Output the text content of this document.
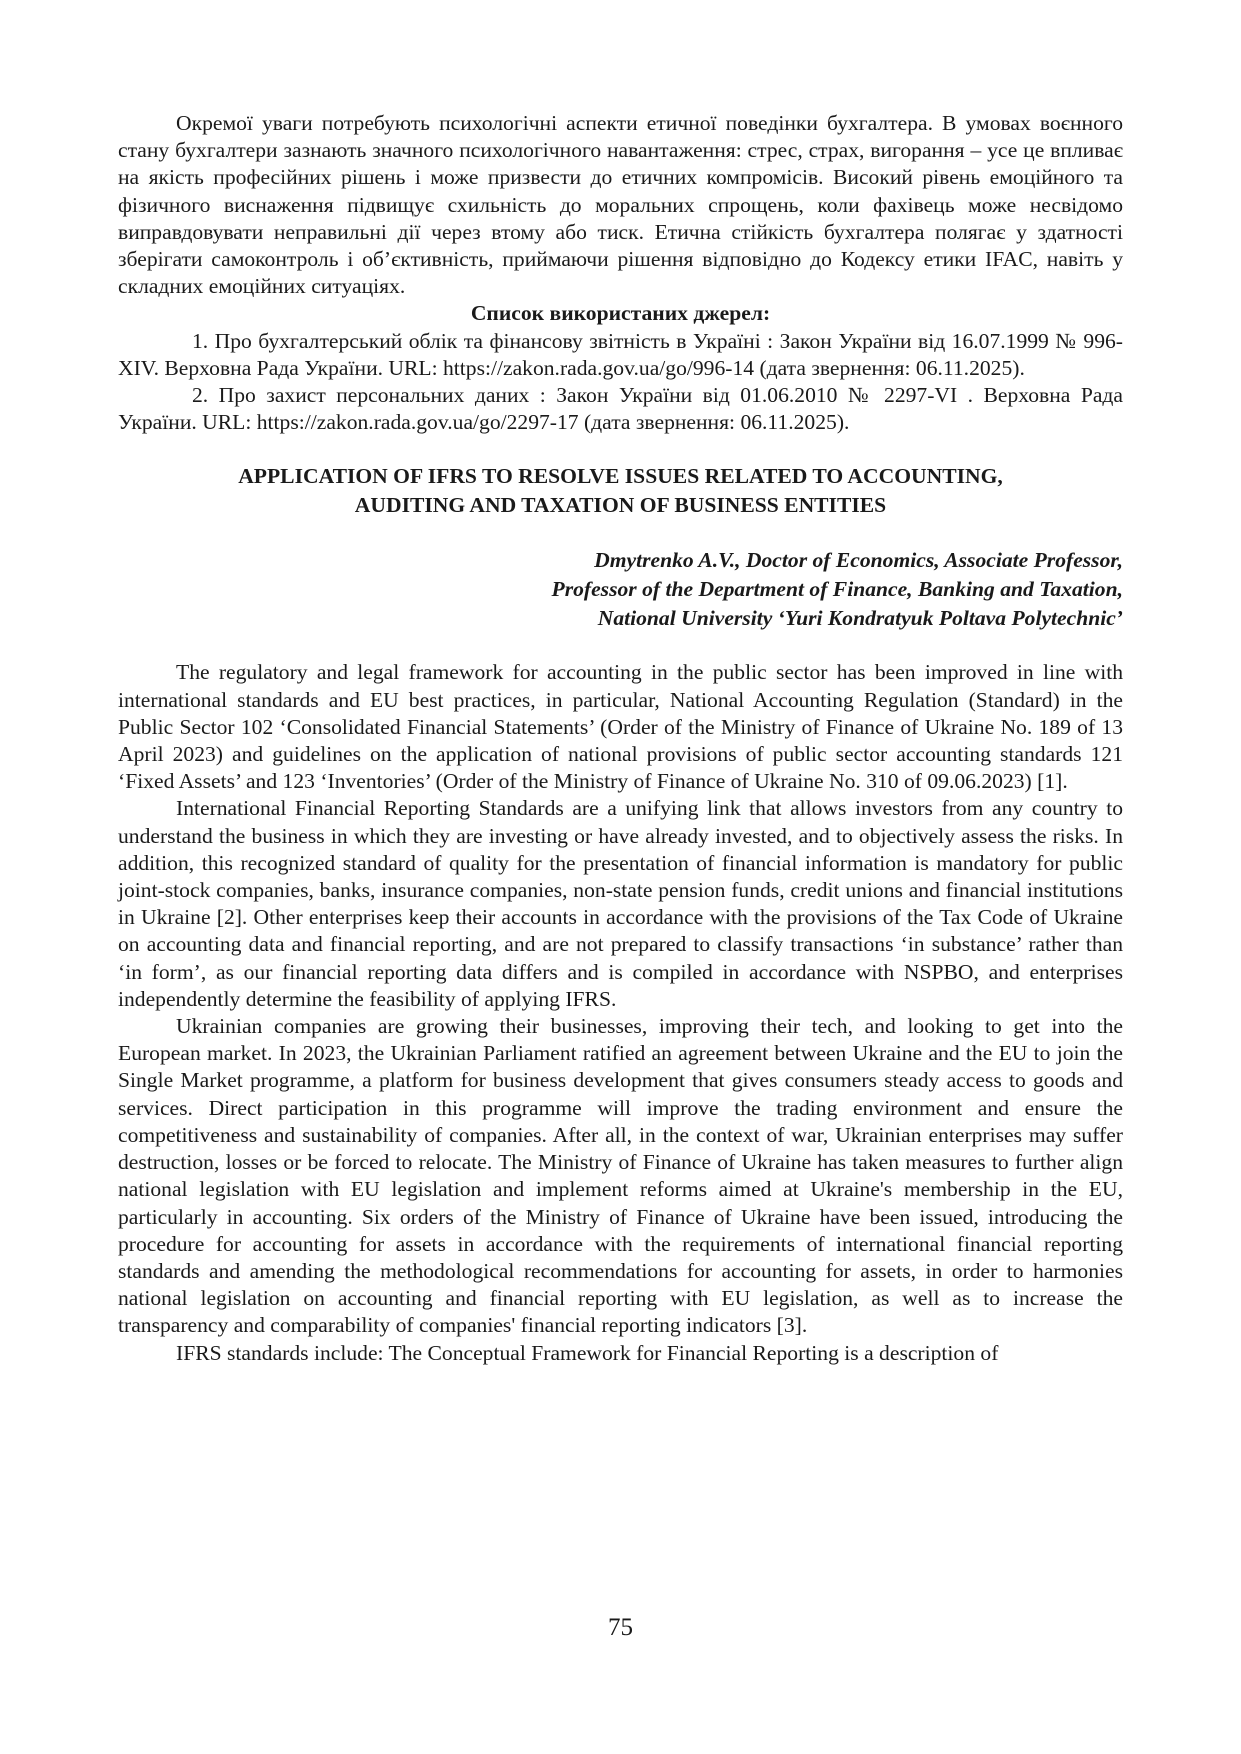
Окремої уваги потребують психологічні аспекти етичної поведінки бухгалтера. В умовах воєнного стану бухгалтери зазнають значного психологічного навантаження: стрес, страх, вигорання – усе це впливає на якість професійних рішень і може призвести до етичних компромісів. Високий рівень емоційного та фізичного виснаження підвищує схильність до моральних спрощень, коли фахівець може несвідомо виправдовувати неправильні дії через втому або тиск. Етична стійкість бухгалтера полягає у здатності зберігати самоконтроль і об’єктивність, приймаючи рішення відповідно до Кодексу етики IFAC, навіть у складних емоційних ситуаціях.

Список використаних джерел:

1. Про бухгалтерський облік та фінансову звітність в Україні : Закон України від 16.07.1999 № 996-XIV. Верховна Рада України. URL: https://zakon.rada.gov.ua/go/996-14 (дата звернення: 06.11.2025).

2. Про захист персональних даних : Закон України від 01.06.2010 № 2297-VI . Верховна Рада України. URL: https://zakon.rada.gov.ua/go/2297-17 (дата звернення: 06.11.2025).

APPLICATION OF IFRS TO RESOLVE ISSUES RELATED TO ACCOUNTING,
AUDITING AND TAXATION OF BUSINESS ENTITIES
Dmytrenko A.V., Doctor of Economics, Associate Professor,
Professor of the Department of Finance, Banking and Taxation,
National University ‘Yuri Kondratyuk Poltava Polytechnic’

The regulatory and legal framework for accounting in the public sector has been improved in line with international standards and EU best practices, in particular, National Accounting Regulation (Standard) in the Public Sector 102 ‘Consolidated Financial Statements’ (Order of the Ministry of Finance of Ukraine No. 189 of 13 April 2023) and guidelines on the application of national provisions of public sector accounting standards 121 ‘Fixed Assets’ and 123 ‘Inventories’ (Order of the Ministry of Finance of Ukraine No. 310 of 09.06.2023) [1].

International Financial Reporting Standards are a unifying link that allows investors from any country to understand the business in which they are investing or have already invested, and to objectively assess the risks. In addition, this recognized standard of quality for the presentation of financial information is mandatory for public joint-stock companies, banks, insurance companies, non-state pension funds, credit unions and financial institutions in Ukraine [2]. Other enterprises keep their accounts in accordance with the provisions of the Tax Code of Ukraine on accounting data and financial reporting, and are not prepared to classify transactions ‘in substance’ rather than ‘in form’, as our financial reporting data differs and is compiled in accordance with NSPBO, and enterprises independently determine the feasibility of applying IFRS.

Ukrainian companies are growing their businesses, improving their tech, and looking to get into the European market. In 2023, the Ukrainian Parliament ratified an agreement between Ukraine and the EU to join the Single Market programme, a platform for business development that gives consumers steady access to goods and services. Direct participation in this programme will improve the trading environment and ensure the competitiveness and sustainability of companies. After all, in the context of war, Ukrainian enterprises may suffer destruction, losses or be forced to relocate. The Ministry of Finance of Ukraine has taken measures to further align national legislation with EU legislation and implement reforms aimed at Ukraine's membership in the EU, particularly in accounting. Six orders of the Ministry of Finance of Ukraine have been issued, introducing the procedure for accounting for assets in accordance with the requirements of international financial reporting standards and amending the methodological recommendations for accounting for assets, in order to harmonies national legislation on accounting and financial reporting with EU legislation, as well as to increase the transparency and comparability of companies' financial reporting indicators [3].

IFRS standards include: The Conceptual Framework for Financial Reporting is a description of

75
